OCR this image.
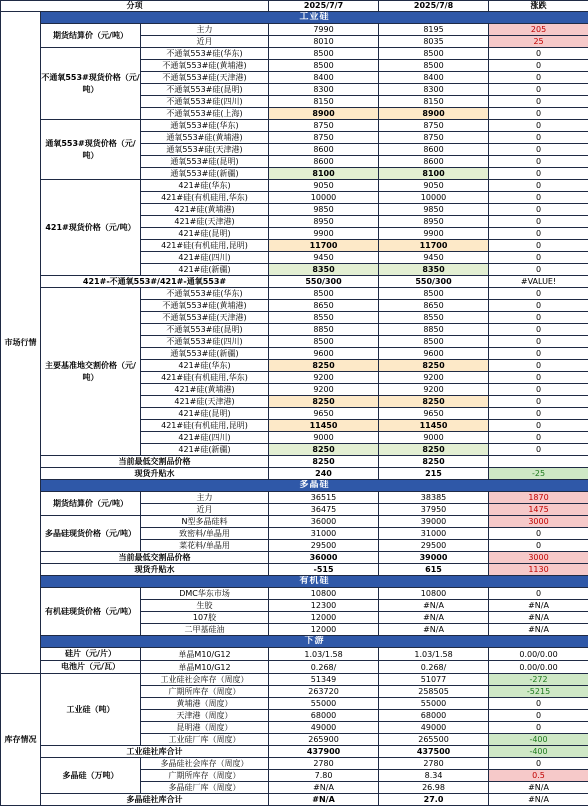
分项			2025/7/7	2025/7/8	涨跌
市场行情	工业硅				
	期货结算价（元/吨）	主力	7990	8195	205
		近月	8010	8035	25
	不通氧553#现货价格（元/吨）	不通氧553#硅(华东)	8500	8500	0
		不通氧553#硅(黄埔港)	8500	8500	0
		不通氧553#硅(天津港)	8400	8400	0
		不通氧553#硅(昆明)	8300	8300	0
		不通氧553#硅(四川)	8150	8150	0
		不通氧553#硅(上海)	8900	8900	0
	通氧553#现货价格（元/吨）	通氧553#硅(华东)	8750	8750	0
		通氧553#硅(黄埔港)	8750	8750	0
		通氧553#硅(天津港)	8600	8600	0
		通氧553#硅(昆明)	8600	8600	0
		通氧553#硅(新疆)	8100	8100	0
	421#现货价格（元/吨）	421#硅(华东)	9050	9050	0
		421#硅(有机硅用,华东)	10000	10000	0
		421#硅(黄埔港)	9850	9850	0
		421#硅(天津港)	8950	8950	0
		421#硅(昆明)	9900	9900	0
		421#硅(有机硅用,昆明)	11700	11700	0
		421#硅(四川)	9450	9450	0
		421#硅(新疆)	8350	8350	0
	421#-不通氧553#/421#-通氧553#		550/300	550/300	#VALUE!
	主要基准地交割价格（元/吨）	不通氧553#硅(华东)	8500	8500	0
		不通氧553#硅(黄埔港)	8650	8650	0
		不通氧553#硅(天津港)	8550	8550	0
		不通氧553#硅(昆明)	8850	8850	0
		不通氧553#硅(四川)	8500	8500	0
		通氧553#硅(新疆)	9600	9600	0
		421#硅(华东)	8250	8250	0
		421#硅(有机硅用,华东)	9200	9200	0
		421#硅(黄埔港)	9200	9200	0
		421#硅(天津港)	8250	8250	0
		421#硅(昆明)	9650	9650	0
		421#硅(有机硅用,昆明)	11450	11450	0
		421#硅(四川)	9000	9000	0
		421#硅(新疆)	8250	8250	0
	当前最低交割品价格		8250	8250	
	现货升贴水		240	215	-25
	多晶硅				
	期货结算价（元/吨）	主力	36515	38385	1870
		近月	36475	37950	1475
	多晶硅现货价格（元/吨）	N型多晶硅料	36000	39000	3000
		致密料/单晶用	31000	31000	0
		菜花料/单晶用	29500	29500	0
	当前最低交割品价格		36000	39000	3000
	现货升贴水		-515	615	1130
	有机硅				
	有机硅现货价格（元/吨）	DMC华东市场	10800	10800	0
		生胶	12300	#N/A	#N/A
		107胶	12000	#N/A	#N/A
		二甲基硅油	12000	#N/A	#N/A
	下游				
	硅片（元/片）	单晶M10/G12	1.03/1.58	1.03/1.58	0.00/0.00
	电池片（元/瓦）	单晶M10/G12	0.268/	0.268/	0.00/0.00
库存情况	工业硅（吨）	工业硅社会库存（周度）	51349	51077	-272
		广期所库存（周度）	263720	258505	-5215
		黄埔港（周度）	55000	55000	0
		天津港（周度）	68000	68000	0
		昆明港（周度）	49000	49000	0
		工业硅厂库（周度）	265900	265500	-400
	工业硅社库合计		437900	437500	-400
	多晶硅（万吨）	多晶硅社会库存（周度）	2780	2780	0
		广期所库存（周度）	7.80	8.34	0.5
		多晶硅厂库（周度）	#N/A	26.98	#N/A
	多晶硅社库合计		#N/A	27.0	#N/A
